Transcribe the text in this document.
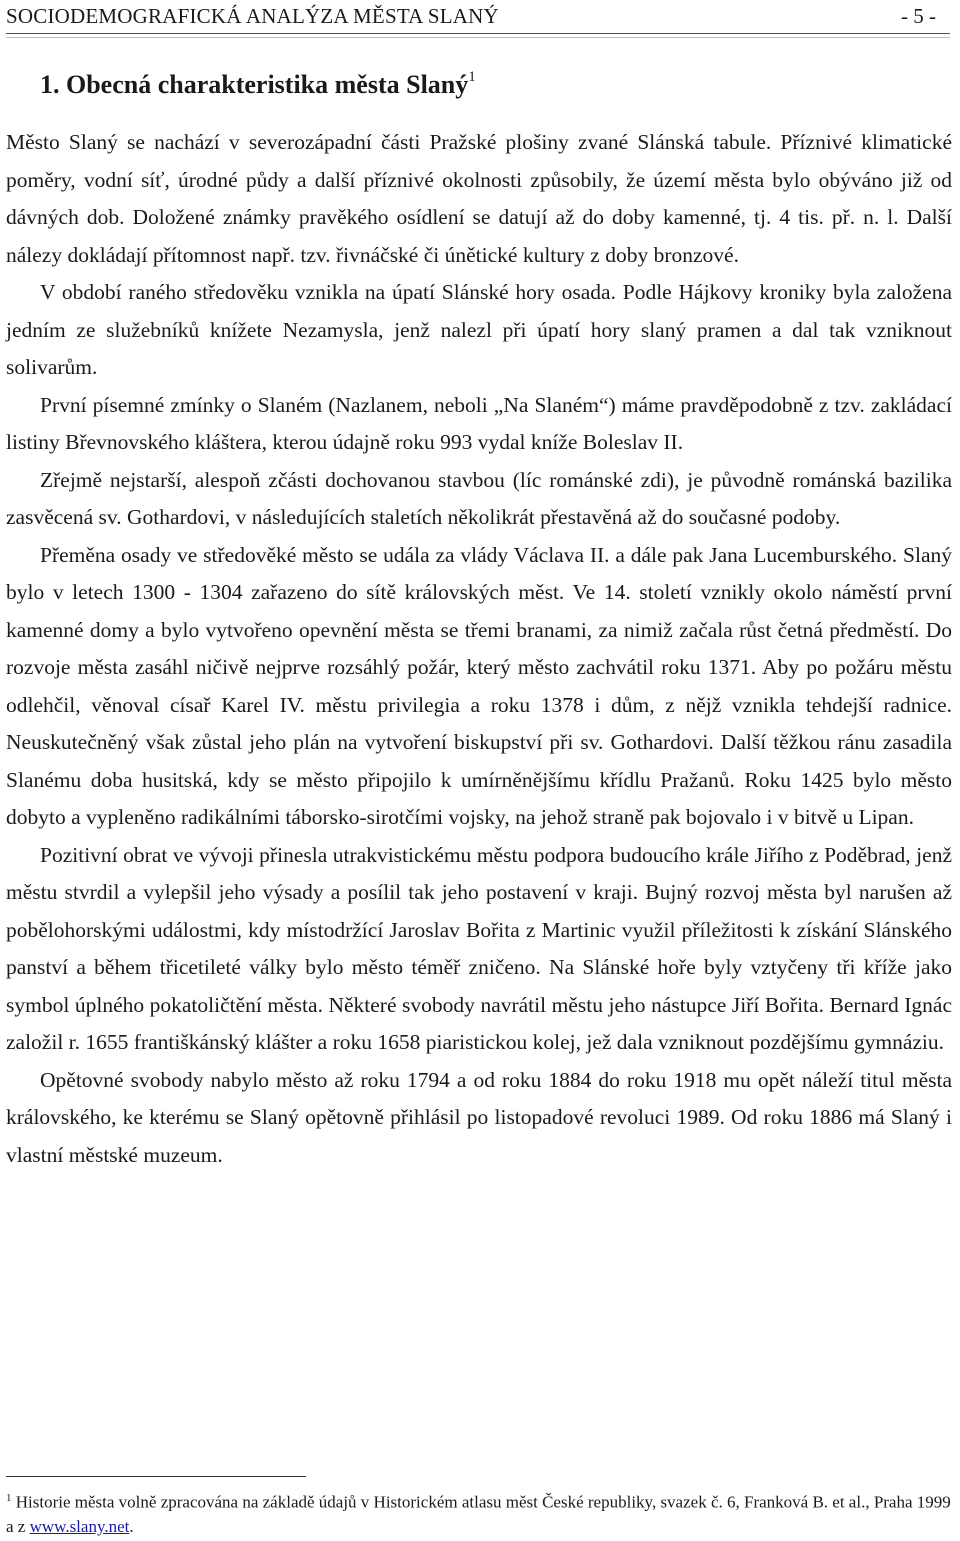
SOCIODEMOGRAFICKÁ ANALÝZA MĚSTA SLANÝ	- 5 -
1. Obecná charakteristika města Slaný$^1$

Město Slaný se nachází v severozápadní části Pražské plošiny zvané Slánská tabule. Příznivé klimatické poměry, vodní síť, úrodné půdy a další příznivé okolnosti způsobily, že území města bylo obýváno již od dávných dob. Doložené známky pravěkého osídlení se datují až do doby kamenné, tj. 4 tis. př. n. l. Další nálezy dokládají přítomnost např. tzv. řivnáčské či únětické kultury z doby bronzové.

V období raného středověku vznikla na úpatí Slánské hory osada. Podle Hájkovy kroniky byla založena jedním ze služebníků knížete Nezamysla, jenž nalezl při úpatí hory slaný pramen a dal tak vzniknout solivarům.

První písemné zmínky o Slaném (Nazlanem, neboli „Na Slaném“) máme pravděpodobně z tzv. zakládací listiny Břevnovského kláštera, kterou údajně roku 993 vydal kníže Boleslav II.

Zřejmě nejstarší, alespoň zčásti dochovanou stavbou (líc románské zdi), je původně románská bazilika zasvěcená sv. Gothardovi, v následujících staletích několikrát přestavěná až do současné podoby.

Přeměna osady ve středověké město se udála za vlády Václava II. a dále pak Jana Lucemburského. Slaný bylo v letech 1300 - 1304 zařazeno do sítě královských měst. Ve 14. století vznikly okolo náměstí první kamenné domy a bylo vytvořeno opevnění města se třemi branami, za nimiž začala růst četná předměstí. Do rozvoje města zasáhl ničivě nejprve rozsáhlý požár, který město zachvátil roku 1371. Aby po požáru městu odlehčil, věnoval císař Karel IV. městu privilegia a roku 1378 i dům, z nějž vznikla tehdejší radnice. Neuskutečněný však zůstal jeho plán na vytvoření biskupství při sv. Gothardovi. Další těžkou ránu zasadila Slanému doba husitská, kdy se město připojilo k umírněnějšímu křídlu Pražanů. Roku 1425 bylo město dobyto a vypleněno radikálními táborsko-sirotčími vojsky, na jehož straně pak bojovalo i v bitvě u Lipan.

Pozitivní obrat ve vývoji přinesla utrakvistickému městu podpora budoucího krále Jiřího z Poděbrad, jenž městu stvrdil a vylepšil jeho výsady a posílil tak jeho postavení v kraji. Bujný rozvoj města byl narušen až pobělohorskými událostmi, kdy místodržící Jaroslav Bořita z Martinic využil příležitosti k získání Slánského panství a během třicetileté války bylo město téměř zničeno. Na Slánské hoře byly vztyčeny tři kříže jako symbol úplného pokatoličtění města. Některé svobody navrátil městu jeho nástupce Jiří Bořita. Bernard Ignác založil r. 1655 františkánský klášter a roku 1658 piaristickou kolej, jež dala vzniknout pozdějšímu gymnáziu.

Opětovné svobody nabylo město až roku 1794 a od roku 1884 do roku 1918 mu opět náleží titul města královského, ke kterému se Slaný opětovně přihlásil po listopadové revoluci 1989. Od roku 1886 má Slaný i vlastní městské muzeum.

$^1$ Historie města volně zpracována na základě údajů v Historickém atlasu měst České republiky, svazek č. 6, Franková B. et al., Praha 1999 a z www.slany.net.
